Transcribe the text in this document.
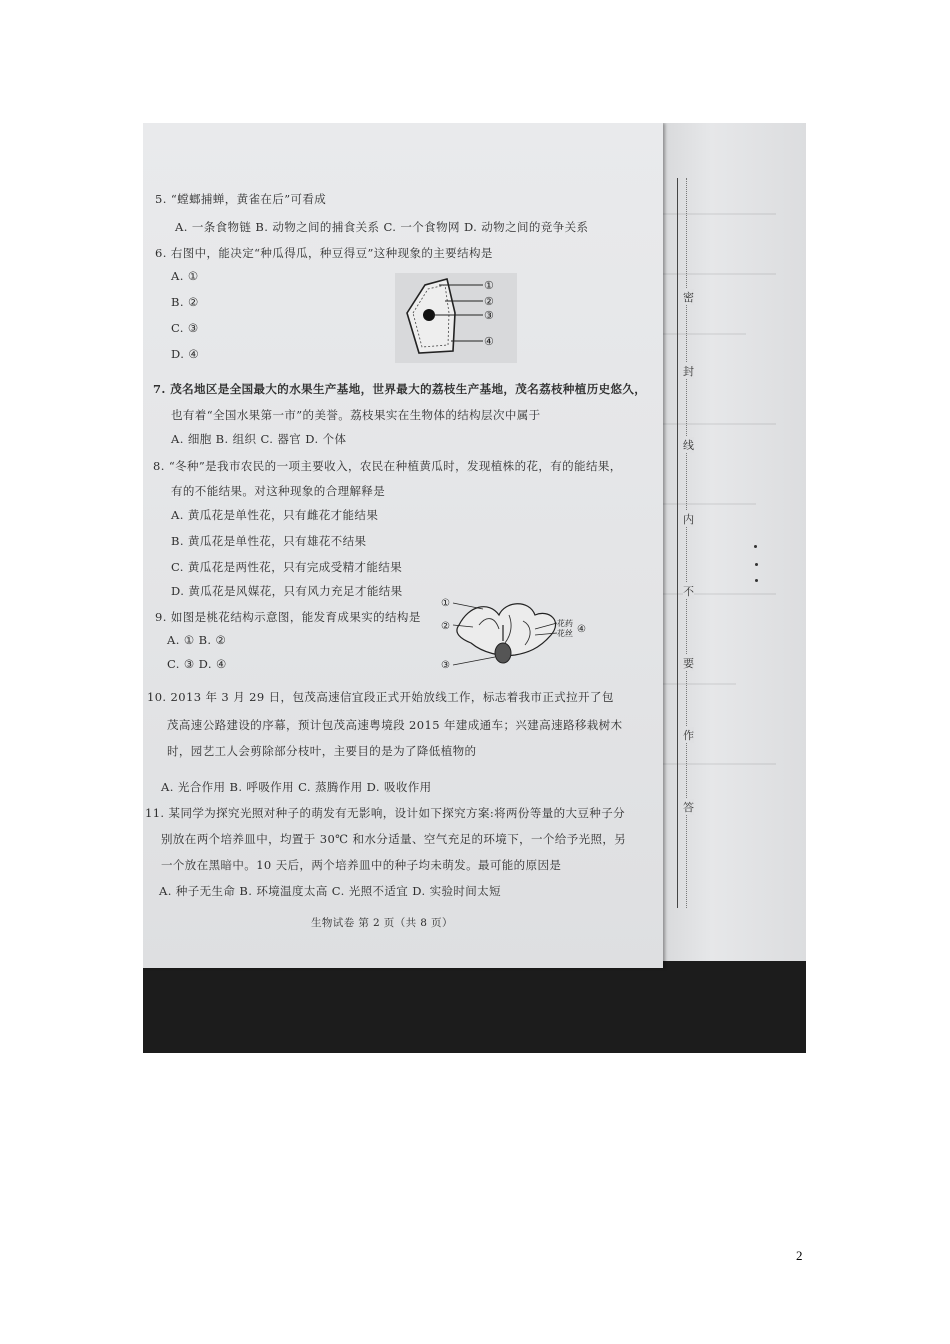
5. “螳螂捕蝉，黄雀在后”可看成
A. 一条食物链 B. 动物之间的捕食关系 C. 一个食物网 D. 动物之间的竞争关系
6. 右图中，能决定“种瓜得瓜，种豆得豆”这种现象的主要结构是
A. ①
B. ②
C. ③
D. ④
①
②
③
④
7. 茂名地区是全国最大的水果生产基地，世界最大的荔枝生产基地，茂名荔枝种植历史悠久，
也有着“全国水果第一市”的美誉。荔枝果实在生物体的结构层次中属于
A. 细胞 B. 组织 C. 器官 D. 个体
8. “冬种”是我市农民的一项主要收入，农民在种植黄瓜时，发现植株的花，有的能结果，
有的不能结果。对这种现象的合理解释是
A. 黄瓜花是单性花，只有雌花才能结果
B. 黄瓜花是单性花，只有雄花不结果
C. 黄瓜花是两性花，只有完成受精才能结果
D. 黄瓜花是风媒花，只有风力充足才能结果
9. 如图是桃花结构示意图，能发育成果实的结构是
A. ① B. ②
C. ③ D. ④
①
②
③
花药
花丝 ④
10. 2013 年 3 月 29 日，包茂高速信宜段正式开始放线工作，标志着我市正式拉开了包
茂高速公路建设的序幕，预计包茂高速粤境段 2015 年建成通车；兴建高速路移栽树木
时，园艺工人会剪除部分枝叶，主要目的是为了降低植物的
A. 光合作用 B. 呼吸作用 C. 蒸腾作用 D. 吸收作用
11. 某同学为探究光照对种子的萌发有无影响，设计如下探究方案:将两份等量的大豆种子分
别放在两个培养皿中，均置于 30℃ 和水分适量、空气充足的环境下，一个给予光照，另
一个放在黑暗中。10 天后，两个培养皿中的种子均未萌发。最可能的原因是
A. 种子无生命 B. 环境温度太高 C. 光照不适宜 D. 实验时间太短
生物试卷 第 2 页（共 8 页）
密
封
线
内
不
要
作
答
2
